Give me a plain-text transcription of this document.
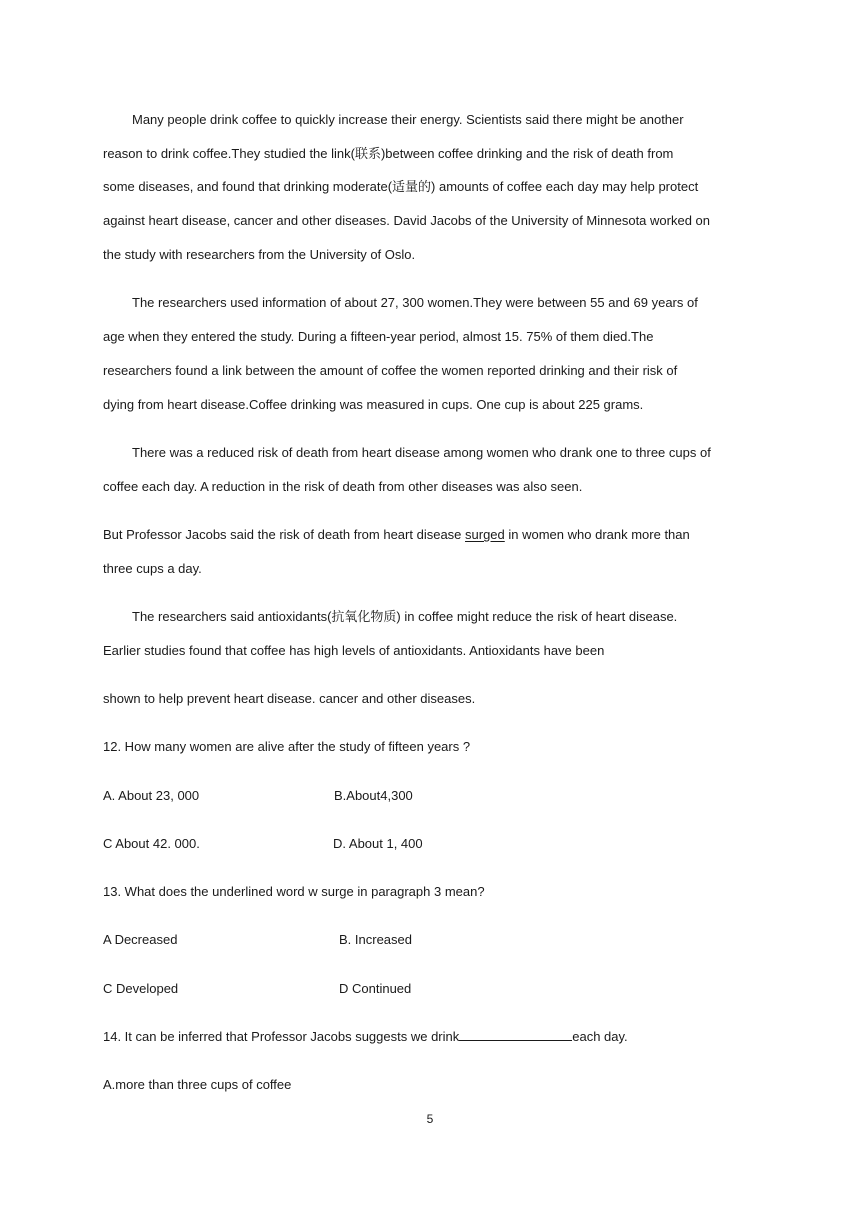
Many people drink coffee to quickly increase their energy. Scientists said there might be another
reason to drink coffee.They studied the link(联系)between coffee drinking and the risk of death from
some diseases, and found that drinking moderate(适量的) amounts of coffee each day may help protect
against heart disease, cancer and other diseases. David Jacobs of the University of Minnesota worked on
the study with researchers from the University of Oslo.
The researchers used information of about 27, 300 women.They were between 55 and 69 years of
age when they entered the study. During a fifteen-year period, almost 15. 75% of them died.The
researchers found a link between the amount of coffee the women reported drinking and their risk of
dying from heart disease.Coffee drinking was measured in cups. One cup is about 225 grams.
There was a reduced risk of death from heart disease among women who drank one to three cups of
coffee each day. A reduction in the risk of death from other diseases was also seen.
But Professor Jacobs said the risk of death from heart disease surged in women who drank more than
three cups a day.
The researchers said antioxidants(抗氧化物质) in coffee might reduce the risk of heart disease.
Earlier studies found that coffee has high levels of antioxidants. Antioxidants have been
shown to help prevent heart disease. cancer and other diseases.
12. How many women are alive after the study of fifteen years ?
A. About 23, 000	B.About4,300
C About 42. 000.	D. About 1, 400
13. What does the underlined word w surge in paragraph 3 mean?
A Decreased	B. Increased
C Developed	D Continued
14. It can be inferred that Professor Jacobs suggests we drink	each day.
A.more than three cups of coffee
5
